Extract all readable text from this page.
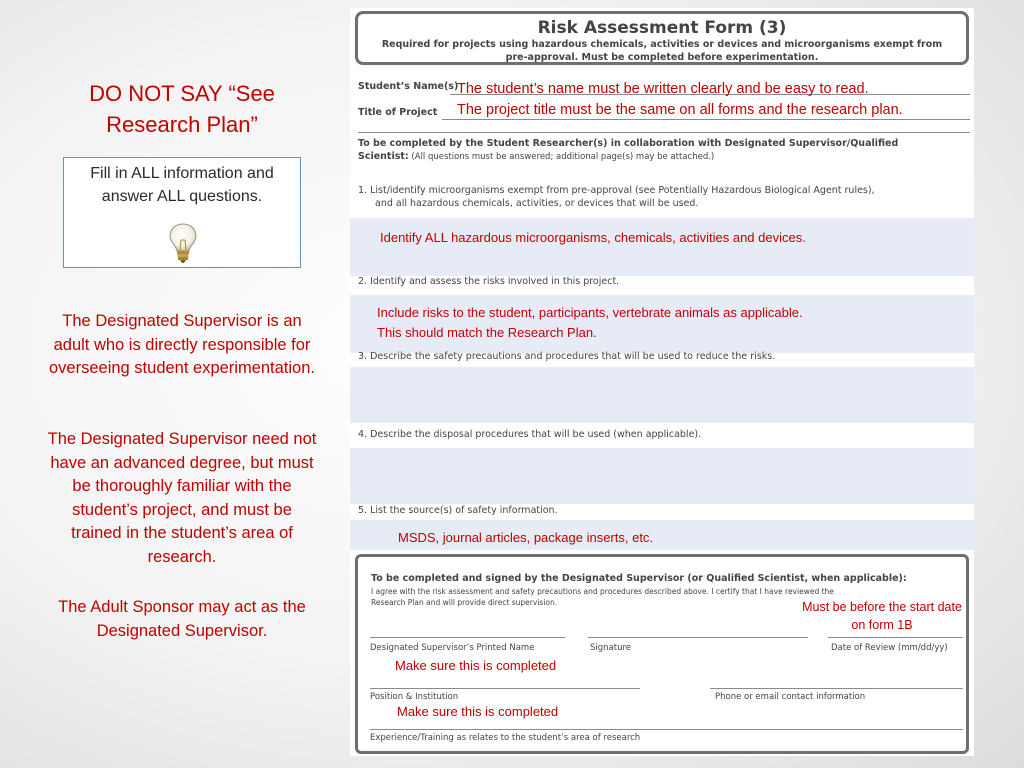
DO NOT SAY “See Research Plan”
Fill in ALL information and answer ALL questions.
The Designated Supervisor is an adult who is directly responsible for overseeing student experimentation.
The Designated Supervisor need not have an advanced degree, but must be thoroughly familiar with the student’s project, and must be trained in the student’s area of research.
The Adult Sponsor may act as the Designated Supervisor.
Risk Assessment Form (3)
Required for projects using hazardous chemicals, activities or devices and microorganisms exempt from
pre-approval. Must be completed before experimentation.
Student’s Name(s)
Title of Project
To be completed by the Student Researcher(s) in collaboration with Designated Supervisor/Qualified
Scientist: (All questions must be answered; additional page(s) may be attached.)
1. List/identify microorganisms exempt from pre-approval (see Potentially Hazardous Biological Agent rules),
and all hazardous chemicals, activities, or devices that will be used.
2. Identify and assess the risks involved in this project.
3. Describe the safety precautions and procedures that will be used to reduce the risks.
4. Describe the disposal procedures that will be used (when applicable).
5. List the source(s) of safety information.
To be completed and signed by the Designated Supervisor (or Qualified Scientist, when applicable):
I agree with the risk assessment and safety precautions and procedures described above. I certify that I have reviewed the
Research Plan and will provide direct supervision.
Designated Supervisor’s Printed Name	Signature	Date of Review (mm/dd/yy)
Position & Institution	Phone or email contact information
Experience/Training as relates to the student’s area of research
The student’s name must be written clearly and be easy to read.
The project title must be the same on all forms and the research plan.
Identify ALL hazardous microorganisms, chemicals, activities and devices.
Include risks to the student, participants, vertebrate animals as applicable. This should match the Research Plan.
MSDS, journal articles, package inserts, etc.
Must be before the start date on form 1B
Make sure this is completed
Make sure this is completed
